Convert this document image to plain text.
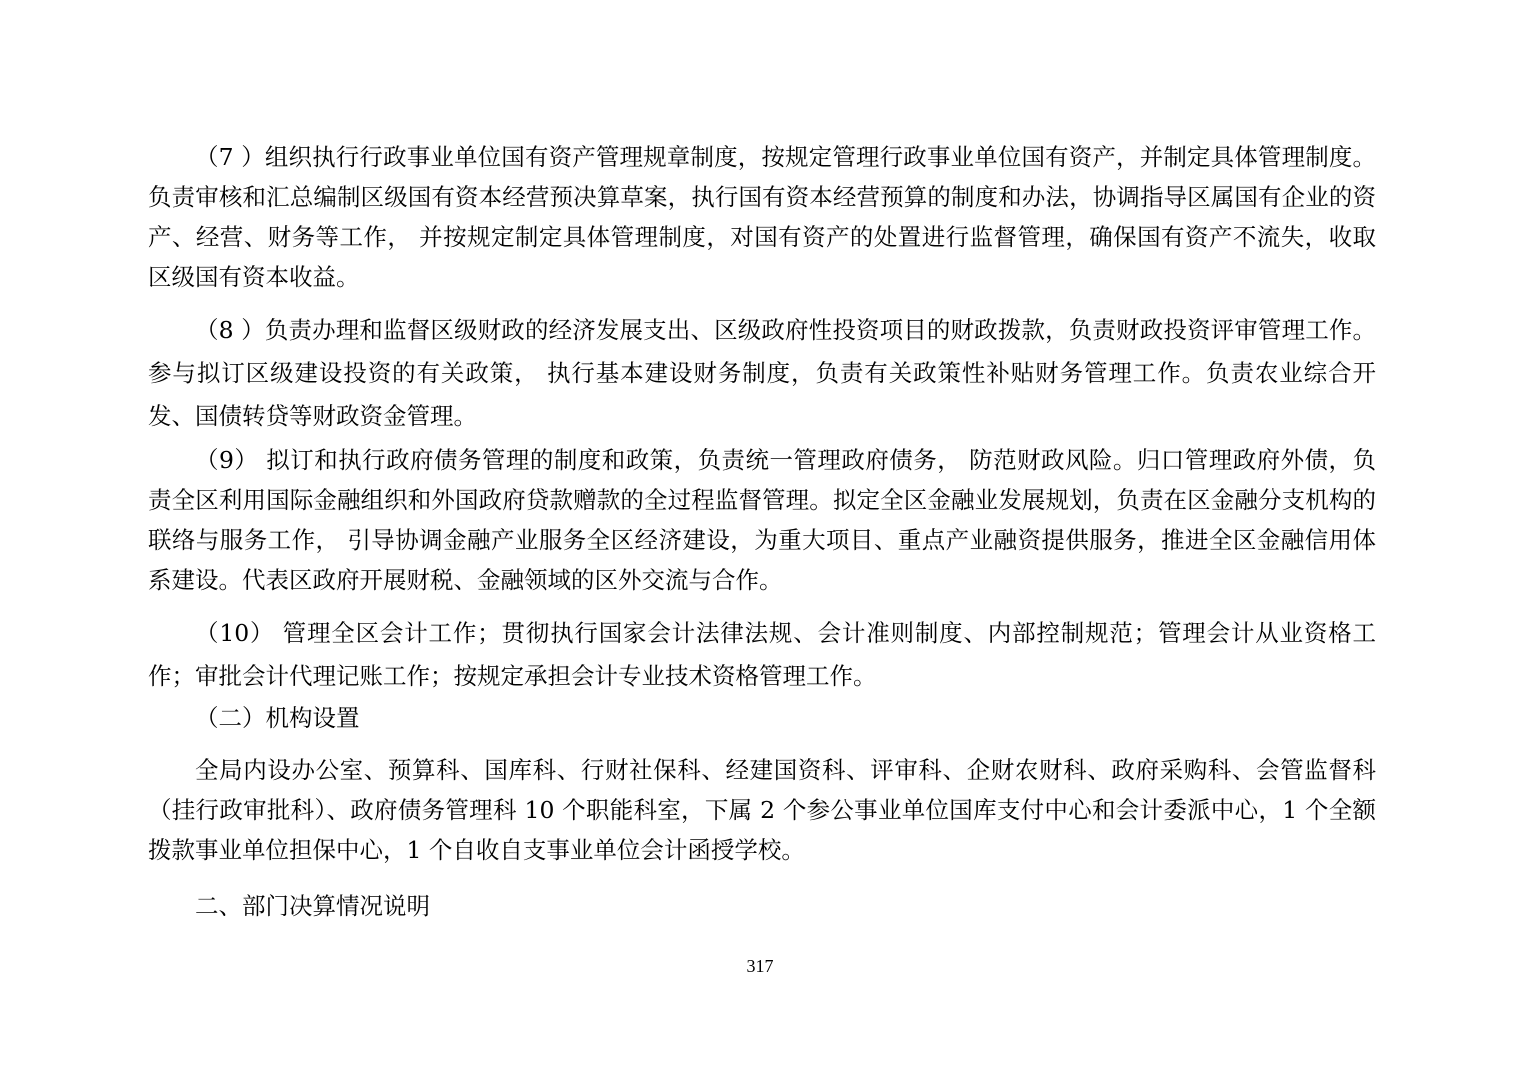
（7 ）组织执行行政事业单位国有资产管理规章制度，按规定管理行政事业单位国有资产，并制定具体管理制度。负责审核和汇总编制区级国有资本经营预决算草案，执行国有资本经营预算的制度和办法，协调指导区属国有企业的资产、经营、财务等工作， 并按规定制定具体管理制度，对国有资产的处置进行监督管理，确保国有资产不流失，收取区级国有资本收益。

（8 ）负责办理和监督区级财政的经济发展支出、区级政府性投资项目的财政拨款，负责财政投资评审管理工作。参与拟订区级建设投资的有关政策， 执行基本建设财务制度，负责有关政策性补贴财务管理工作。负责农业综合开发、国债转贷等财政资金管理。

（9） 拟订和执行政府债务管理的制度和政策，负责统一管理政府债务， 防范财政风险。归口管理政府外债，负责全区利用国际金融组织和外国政府贷款赠款的全过程监督管理。拟定全区金融业发展规划，负责在区金融分支机构的联络与服务工作， 引导协调金融产业服务全区经济建设，为重大项目、重点产业融资提供服务，推进全区金融信用体系建设。代表区政府开展财税、金融领域的区外交流与合作。

（10） 管理全区会计工作；贯彻执行国家会计法律法规、会计准则制度、内部控制规范；管理会计从业资格工作；审批会计代理记账工作；按规定承担会计专业技术资格管理工作。

（二）机构设置

全局内设办公室、预算科、国库科、行财社保科、经建国资科、评审科、企财农财科、政府采购科、会管监督科（挂行政审批科）、政府债务管理科 10 个职能科室，下属 2 个参公事业单位国库支付中心和会计委派中心，1 个全额拨款事业单位担保中心，1 个自收自支事业单位会计函授学校。

二、部门决算情况说明

317
